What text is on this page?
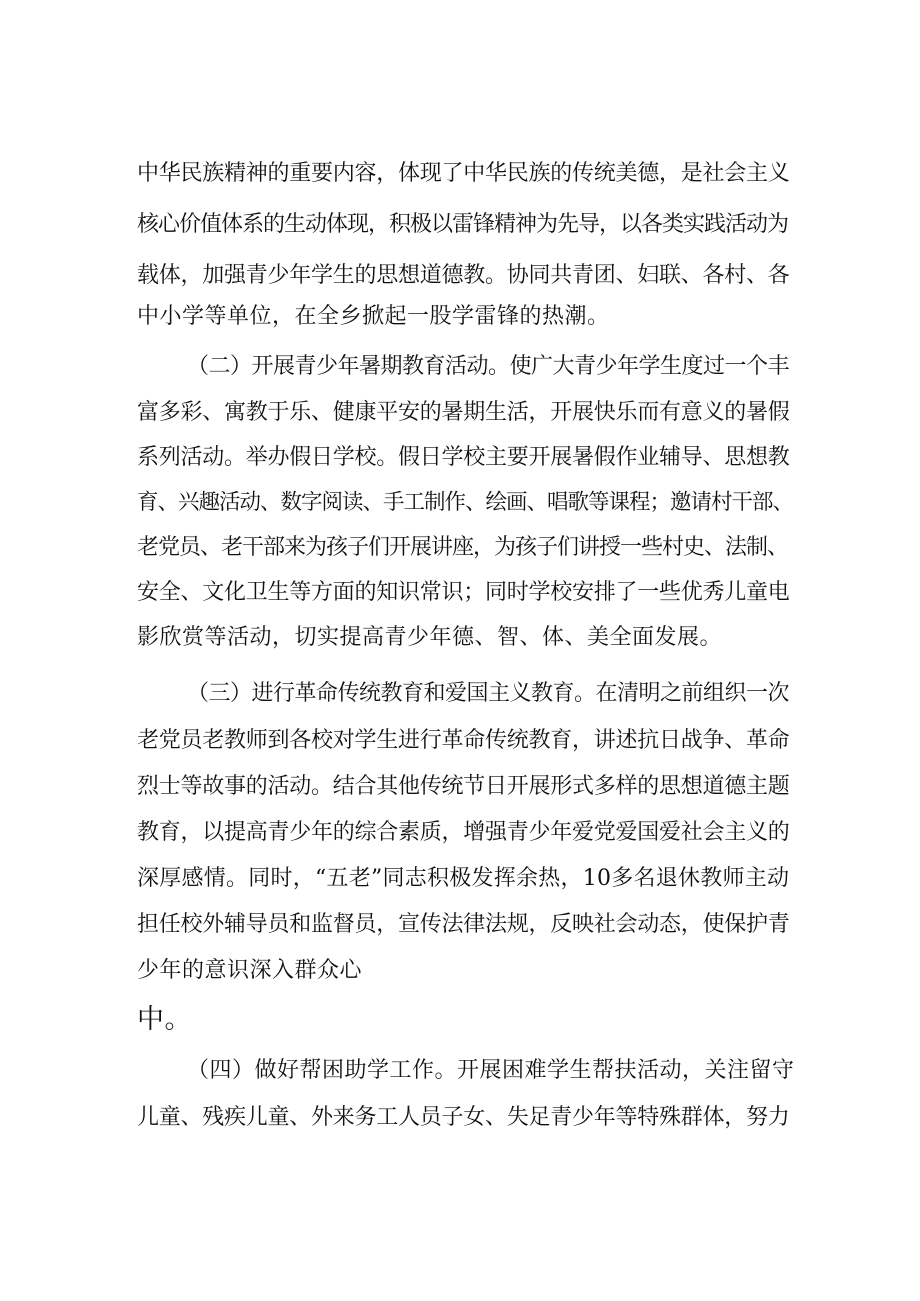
中华民族精神的重要内容，体现了中华民族的传统美德，是社会主义
核心价值体系的生动体现，积极以雷锋精神为先导，以各类实践活动为
载体，加强青少年学生的思想道德教。协同共青团、妇联、各村、各
中小学等单位，在全乡掀起一股学雷锋的热潮。
（二）开展青少年暑期教育活动。使广大青少年学生度过一个丰
富多彩、寓教于乐、健康平安的暑期生活，开展快乐而有意义的暑假
系列活动。举办假日学校。假日学校主要开展暑假作业辅导、思想教
育、兴趣活动、数字阅读、手工制作、绘画、唱歌等课程；邀请村干部、
老党员、老干部来为孩子们开展讲座，为孩子们讲授一些村史、法制、
安全、文化卫生等方面的知识常识；同时学校安排了一些优秀儿童电
影欣赏等活动，切实提高青少年德、智、体、美全面发展。
（三）进行革命传统教育和爱国主义教育。在清明之前组织一次
老党员老教师到各校对学生进行革命传统教育，讲述抗日战争、革命
烈士等故事的活动。结合其他传统节日开展形式多样的思想道德主题
教育，以提高青少年的综合素质，增强青少年爱党爱国爱社会主义的
深厚感情。同时，“五老”同志积极发挥余热，10多名退休教师主动
担任校外辅导员和监督员，宣传法律法规，反映社会动态，使保护青
少年的意识深入群众心
中。
（四）做好帮困助学工作。开展困难学生帮扶活动，关注留守
儿童、残疾儿童、外来务工人员子女、失足青少年等特殊群体，努力
